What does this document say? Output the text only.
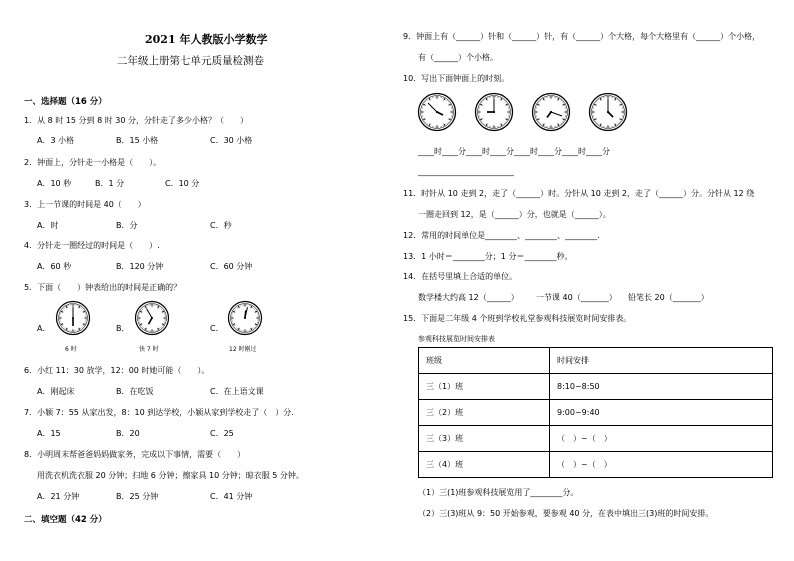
2021 年人教版小学数学
二年级上册第七单元质量检测卷
一、选择题（16 分）
1．从 8 时 15 分到 8 时 30 分，分针走了多少小格？（　　）
A．3 小格	B．15 小格	C．30 小格
2．钟面上，分针走一小格是（　　）。
A．10 秒	B．1 分	C．10 分
3．上一节课的时间是 40（　　）
A．时	B．分	C．秒
4．分针走一圈经过的时间是（　　）.
A．60 秒	B．120 分钟	C．60 分钟
5．下面（　　）钟表给出的时间是正确的？
A．	B．	C．
6 时	快 7 时	12 时刚过
6．小红 11：30 放学，12：00 时她可能（　　）。
A．刚起床	B．在吃饭	C．在上语文课
7．小颖 7：55 从家出发，8：10 到达学校，小颖从家到学校走了（　）分.
A．15	B．20	C．25
8．小明周末帮爸爸妈妈做家务，完成以下事情，需要（　　）
用洗衣机洗衣服 20 分钟；扫地 6 分钟；擦家具 10 分钟；晾衣服 5 分钟。
A．21 分钟	B．25 分钟	C．41 分钟
二、填空题（42 分）
9．钟面上有（______）针和（______）针，有（______）个大格，每个大格里有（______）个小格，
有（______）个小格。
10．写出下面钟面上的时刻。
____时____分____时____分____时____分____时____分
________________________
11．时针从 10 走到 2，走了（______）时。分针从 10 走到 2，走了（______）分。分针从 12 绕
一圈走回到 12，是（______）分，也就是（______）。
12．常用的时间单位是________、________、________.
13．1 小时＝________分；1 分＝________秒。
14．在括号里填上合适的单位。
数学楼大约高 12（______） 一节课 40（_______） 铅笔长 20（_______）
15．下面是二年级 4 个班到学校礼堂参观科技展览时间安排表。
参观科技展览时间安排表
班级	时间安排
三（1）班	8:10~8:50
三（2）班	9:00~9:40
三（3）班	（　）~（　）
三（4）班	（　）~（　）
（1）三(1)班参观科技展览用了________分。
（2）三(3)班从 9：50 开始参观，要参观 40 分，在表中填出三(3)班的时间安排。
